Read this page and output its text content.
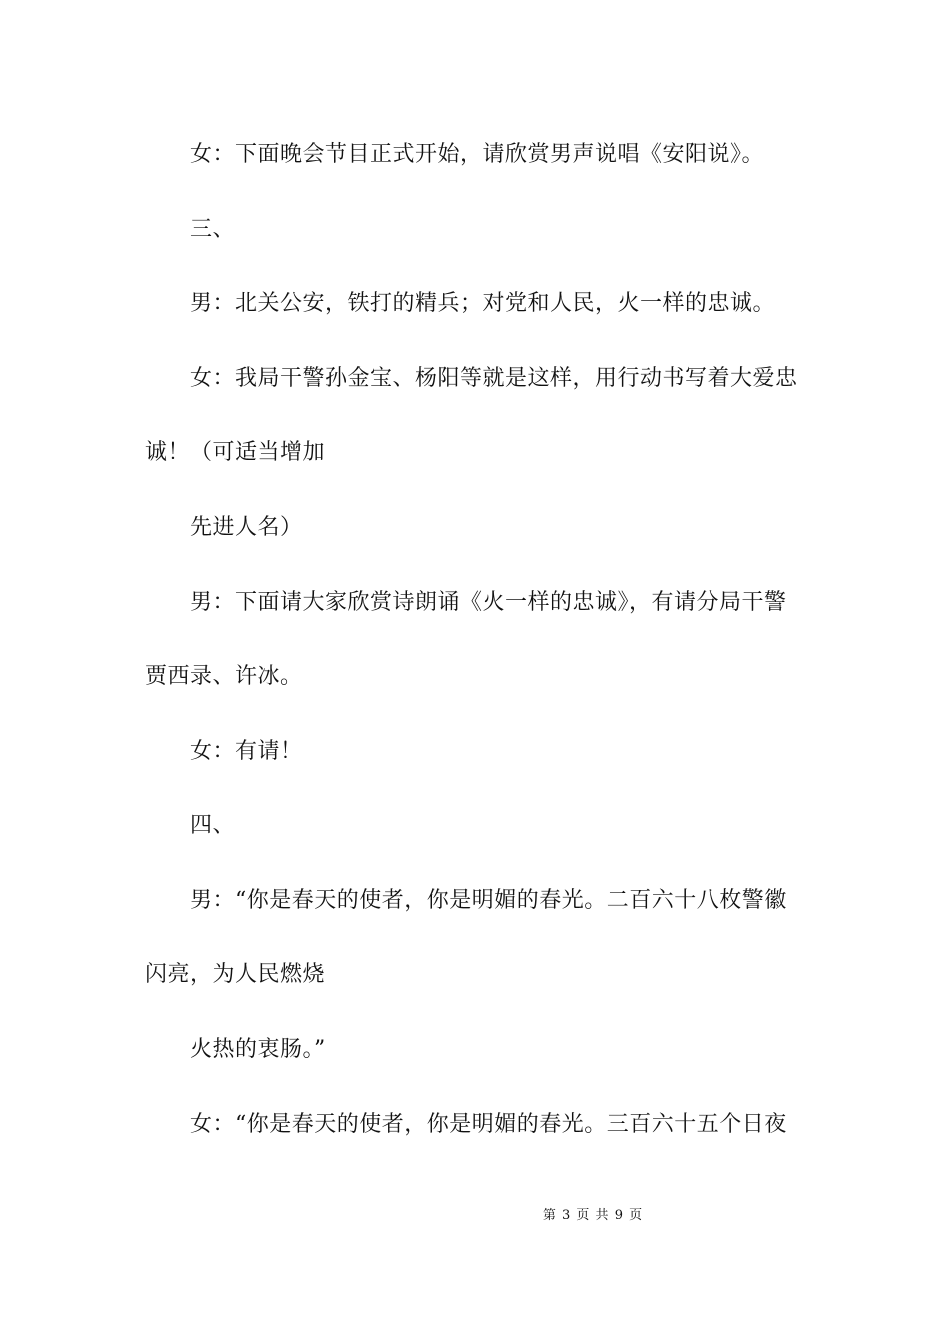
女：下面晚会节目正式开始，请欣赏男声说唱《安阳说》。
三、
男：北关公安，铁打的精兵；对党和人民，火一样的忠诚。
女：我局干警孙金宝、杨阳等就是这样，用行动书写着大爱忠
诚！（可适当增加
先进人名）
男：下面请大家欣赏诗朗诵《火一样的忠诚》，有请分局干警
贾西录、许冰。
女：有请！
四、
男：“你是春天的使者，你是明媚的春光。二百六十八枚警徽
闪亮，为人民燃烧
火热的衷肠。”
女：“你是春天的使者，你是明媚的春光。三百六十五个日夜
第 3 页 共 9 页
